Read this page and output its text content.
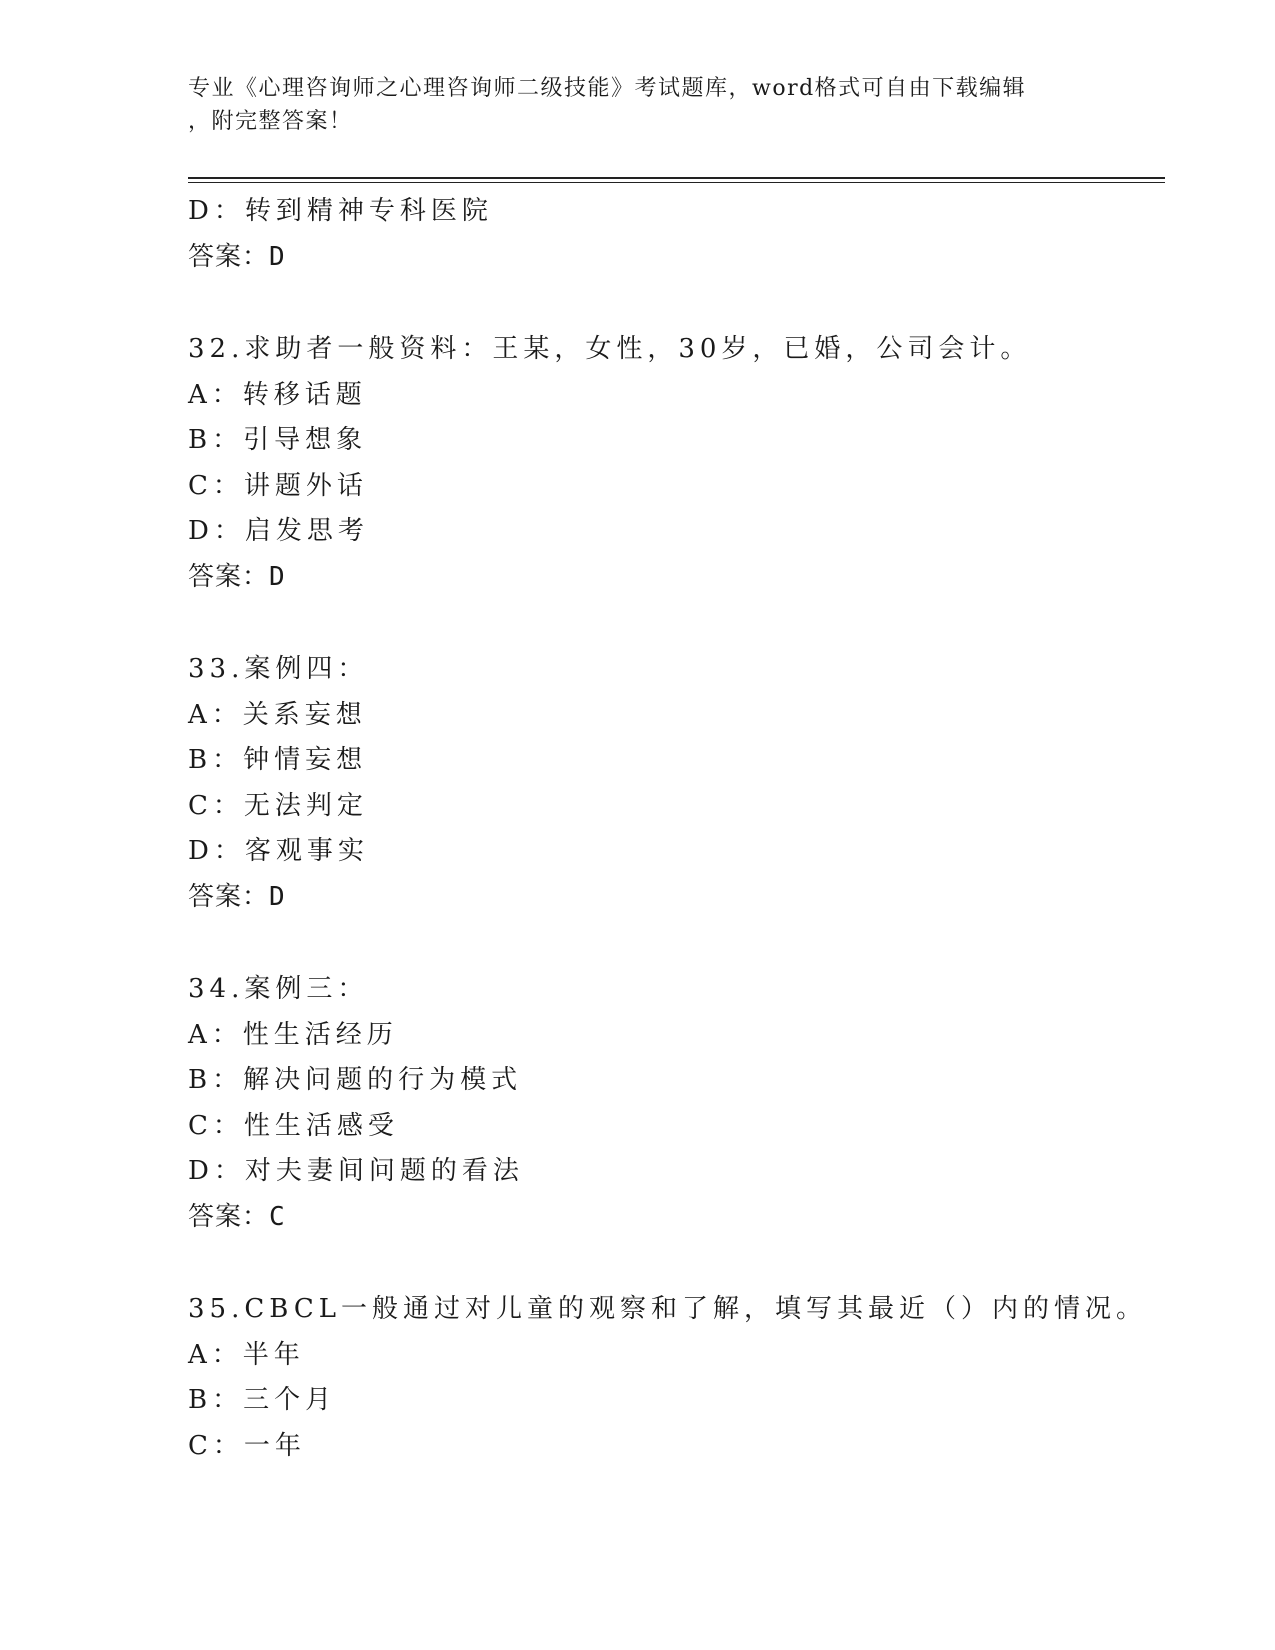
专业《心理咨询师之心理咨询师二级技能》考试题库，word格式可自由下载编辑
，附完整答案！
D：转到精神专科医院
答案：D
32.求助者一般资料：王某，女性，30岁，已婚，公司会计。
A：转移话题
B：引导想象
C：讲题外话
D：启发思考
答案：D
33.案例四：
A：关系妄想
B：钟情妄想
C：无法判定
D：客观事实
答案：D
34.案例三：
A：性生活经历
B：解决问题的行为模式
C：性生活感受
D：对夫妻间问题的看法
答案：C
35.CBCL一般通过对儿童的观察和了解，填写其最近（）内的情况。
A：半年
B：三个月
C：一年
